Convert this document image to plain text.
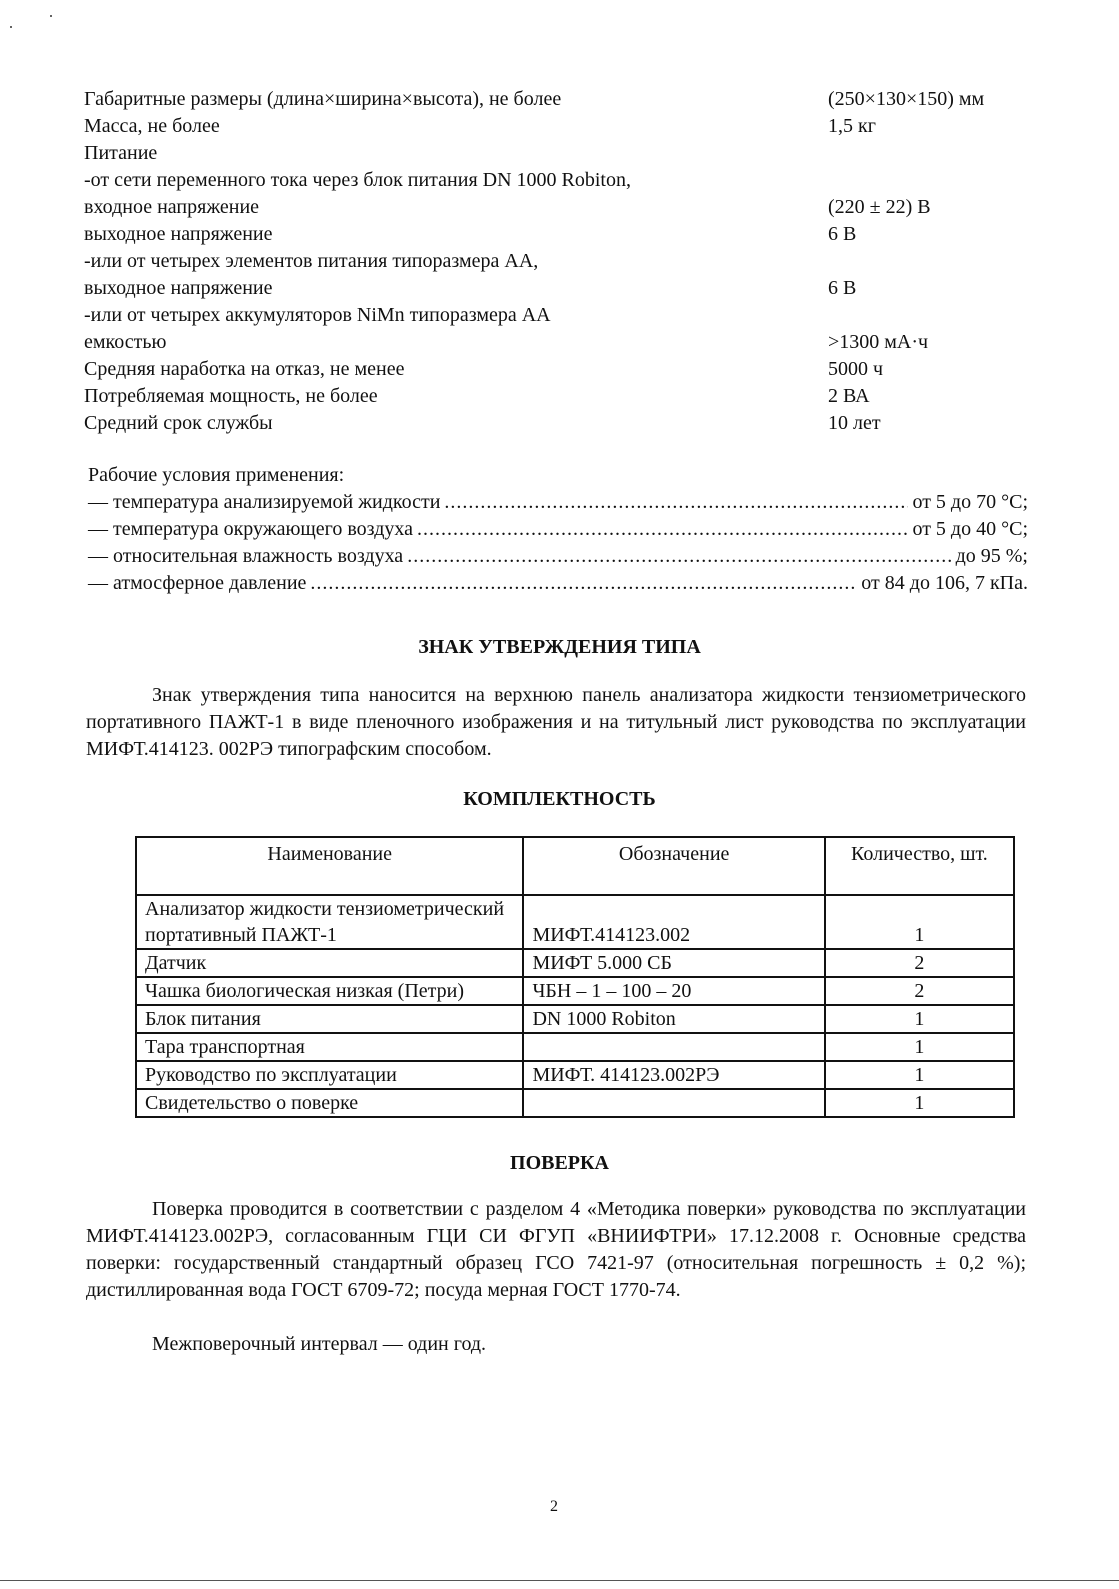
Габаритные размеры (длина×ширина×высота), не более	(250×130×150) мм
Масса, не более	1,5 кг
Питание
-от сети переменного тока через блок питания DN 1000 Robiton,
входное напряжение	(220 ± 22) В
выходное напряжение	6 В
-или от четырех элементов питания типоразмера АА,
выходное напряжение	6 В
-или от четырех аккумуляторов NiMn типоразмера АА
емкостью	>1300 мА·ч
Средняя наработка на отказ, не менее	5000 ч
Потребляемая мощность, не более	2 ВА
Средний срок службы	10 лет
Рабочие условия применения:
— температура анализируемой жидкости .....	от 5 до 70 °С;
— температура окружающего воздуха .....	от 5 до 40 °С;
— относительная влажность воздуха .....	до 95 %;
— атмосферное давление .....	от 84 до 106, 7 кПа.
ЗНАК УТВЕРЖДЕНИЯ ТИПА
Знак утверждения типа наносится на верхнюю панель анализатора жидкости тензиометрического портативного ПАЖТ-1 в виде пленочного изображения и на титульный лист руководства по эксплуатации МИФТ.414123. 002РЭ типографским способом.
КОМПЛЕКТНОСТЬ
Наименование	Обозначение	Количество, шт.
Анализатор жидкости тензиометрический портативный ПАЖТ-1	МИФТ.414123.002	1
Датчик	МИФТ 5.000 СБ	2
Чашка биологическая низкая (Петри)	ЧБН – 1 – 100 – 20	2
Блок питания	DN 1000 Robiton	1
Тара транспортная		1
Руководство по эксплуатации	МИФТ. 414123.002РЭ	1
Свидетельство о поверке		1
ПОВЕРКА
Поверка проводится в соответствии с разделом 4 «Методика поверки» руководства по эксплуатации МИФТ.414123.002РЭ, согласованным ГЦИ СИ ФГУП «ВНИИФТРИ» 17.12.2008 г. Основные средства поверки: государственный стандартный образец ГСО 7421-97 (относительная погрешность ± 0,2 %); дистиллированная вода ГОСТ 6709-72; посуда мерная ГОСТ 1770-74.
Межповерочный интервал — один год.
2
